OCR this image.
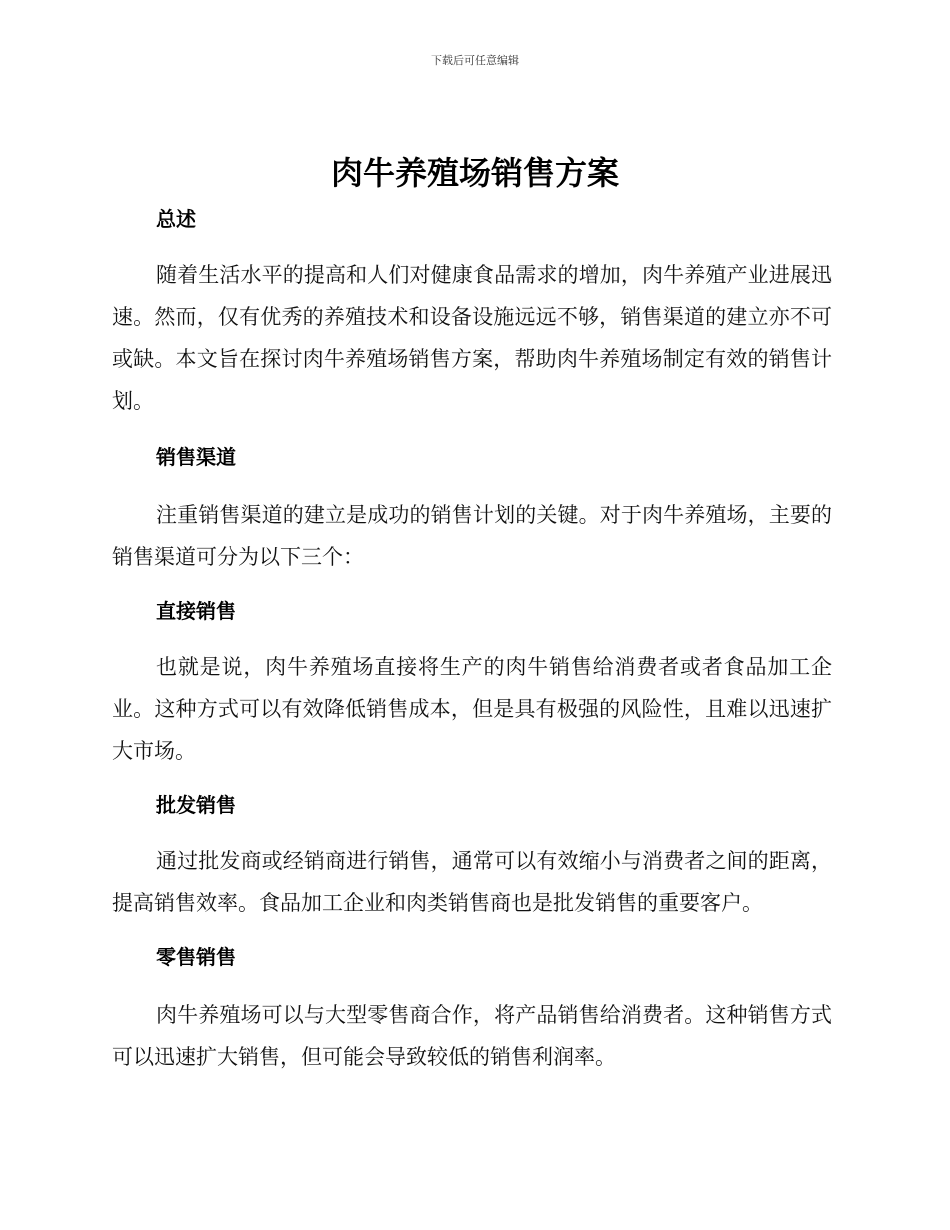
下载后可任意编辑
肉牛养殖场销售方案
总述

随着生活水平的提高和人们对健康食品需求的增加，肉牛养殖产业进展迅速。然而，仅有优秀的养殖技术和设备设施远远不够，销售渠道的建立亦不可或缺。本文旨在探讨肉牛养殖场销售方案，帮助肉牛养殖场制定有效的销售计划。

销售渠道

注重销售渠道的建立是成功的销售计划的关键。对于肉牛养殖场，主要的销售渠道可分为以下三个：

直接销售

也就是说，肉牛养殖场直接将生产的肉牛销售给消费者或者食品加工企业。这种方式可以有效降低销售成本，但是具有极强的风险性，且难以迅速扩大市场。

批发销售

通过批发商或经销商进行销售，通常可以有效缩小与消费者之间的距离，提高销售效率。食品加工企业和肉类销售商也是批发销售的重要客户。

零售销售

肉牛养殖场可以与大型零售商合作，将产品销售给消费者。这种销售方式可以迅速扩大销售，但可能会导致较低的销售利润率。
